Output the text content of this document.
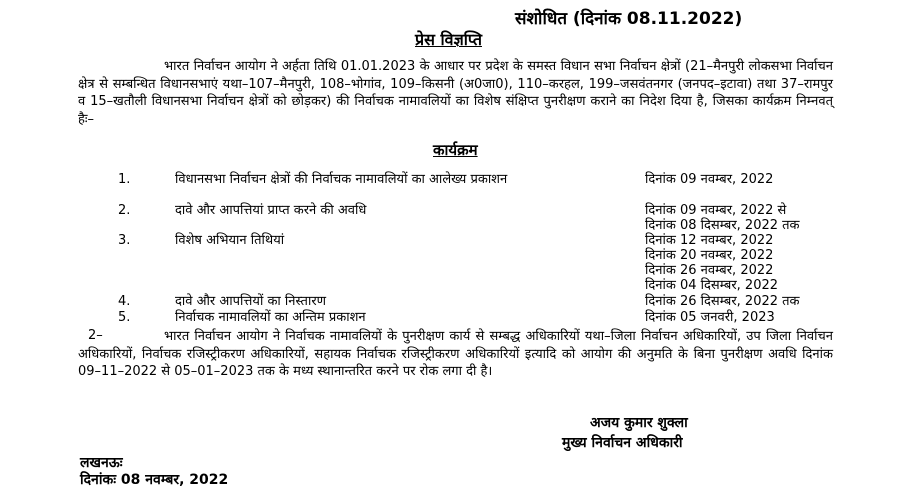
संशोधित (दिनांक 08.11.2022)
प्रेस विज्ञप्ति

भारत निर्वाचन आयोग ने अर्हता तिथि 01.01.2023 के आधार पर प्रदेश के समस्त विधान सभा निर्वाचन क्षेत्रों (21–मैनपुरी लोकसभा निर्वाचन क्षेत्र से सम्बन्धित विधानसभाएं यथा–107–मैनपुरी, 108–भोगांव, 109–किसनी (अ0जा0), 110–करहल, 199–जसवंतनगर (जनपद–इटावा) तथा 37–रामपुर व 15–खतौली विधानसभा निर्वाचन क्षेत्रों को छोड़कर) की निर्वाचक नामावलियों का विशेष संक्षिप्त पुनरीक्षण कराने का निदेश दिया है, जिसका कार्यक्रम निम्नवत् हैः–

कार्यक्रम
1.	विधानसभा निर्वाचन क्षेत्रों की निर्वाचक नामावलियों का आलेख्य प्रकाशन	दिनांक 09 नवम्बर, 2022
2.	दावे और आपत्तियां प्राप्त करने की अवधि	दिनांक 09 नवम्बर, 2022 से
दिनांक 08 दिसम्बर, 2022 तक
3.	विशेष अभियान तिथियां	दिनांक 12 नवम्बर, 2022
दिनांक 20 नवम्बर, 2022
दिनांक 26 नवम्बर, 2022
दिनांक 04 दिसम्बर, 2022
4.	दावे और आपत्तियों का निस्तारण	दिनांक 26 दिसम्बर, 2022 तक
5.	निर्वाचक नामावलियों का अन्तिम प्रकाशन	दिनांक 05 जनवरी, 2023
2–	भारत निर्वाचन आयोग ने निर्वाचक नामावलियों के पुनरीक्षण कार्य से सम्बद्ध अधिकारियों यथा–जिला निर्वाचन अधिकारियों, उप जिला निर्वाचन अधिकारियों, निर्वाचक रजिस्ट्रीकरण अधिकारियों, सहायक निर्वाचक रजिस्ट्रीकरण अधिकारियों इत्यादि को आयोग की अनुमति के बिना पुनरीक्षण अवधि दिनांक 09–11–2022 से 05–01–2023 तक के मध्य स्थानान्तरित करने पर रोक लगा दी है।

अजय कुमार शुक्ला
मुख्य निर्वाचन अधिकारी
लखनऊः
दिनांकः 08 नवम्बर, 2022
